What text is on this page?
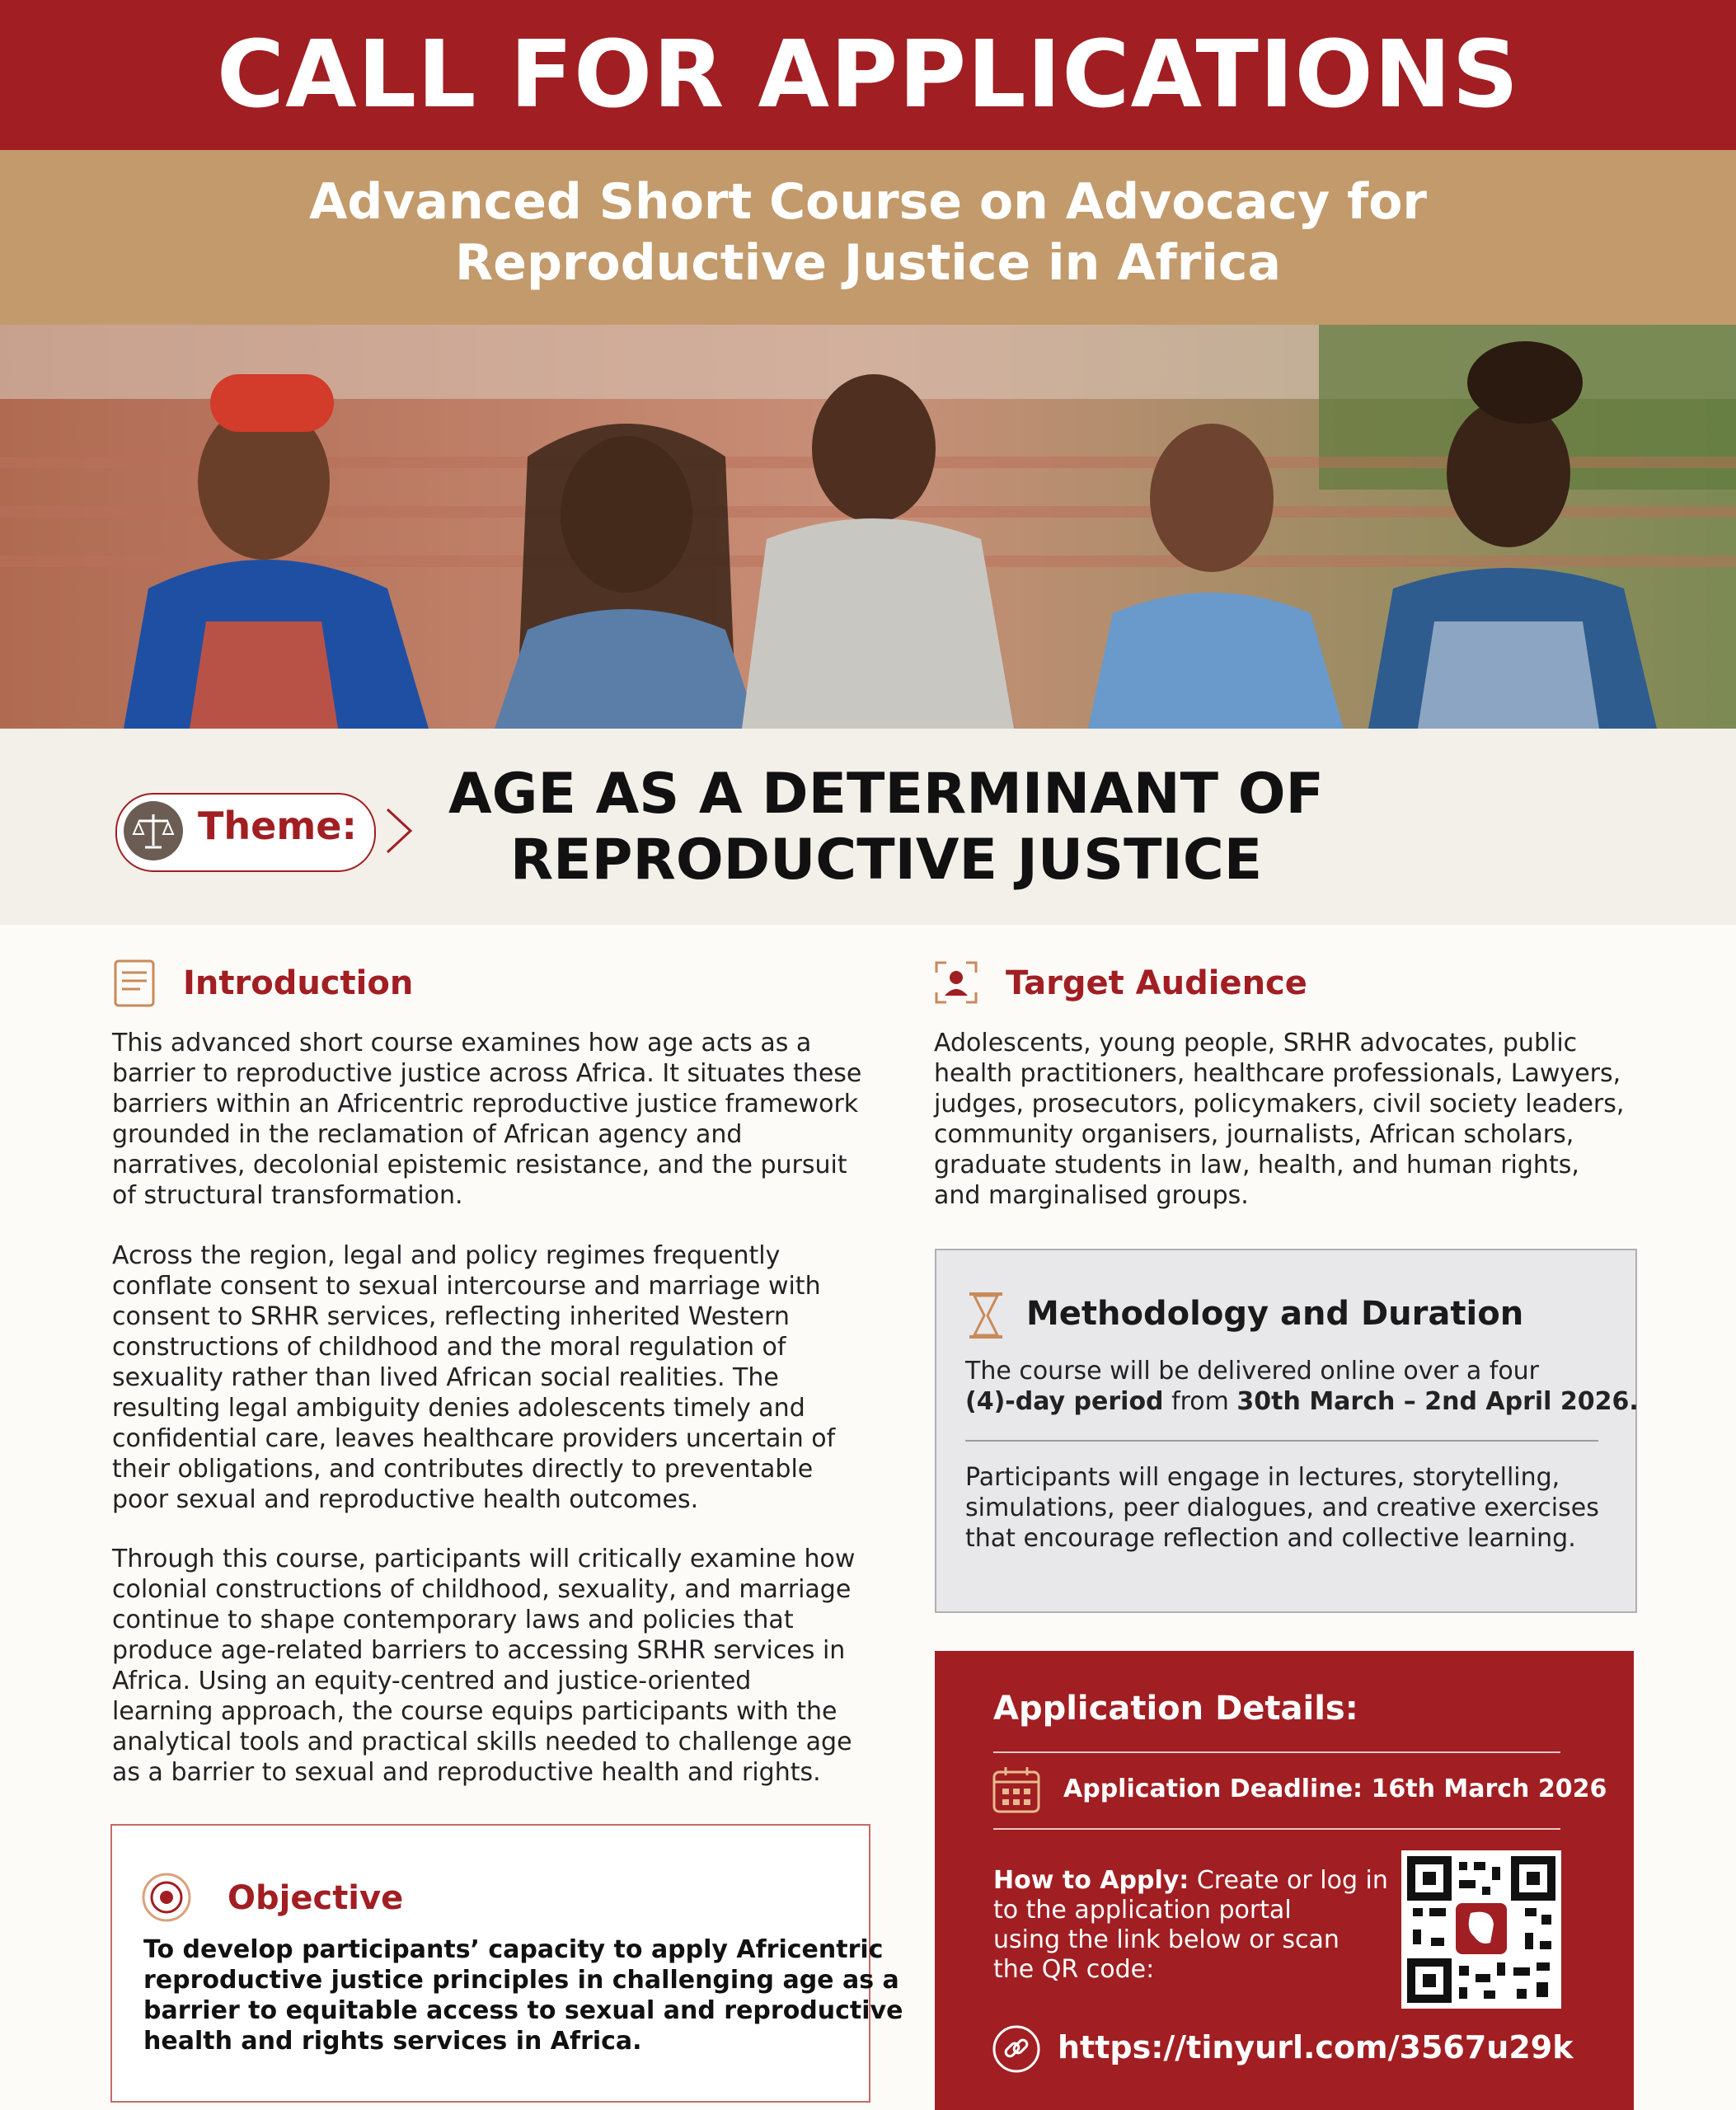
CALL FOR APPLICATIONS
Advanced Short Course on Advocacy for
Reproductive Justice in Africa
Theme:	AGE AS A DETERMINANT OF
REPRODUCTIVE JUSTICE
Introduction
This advanced short course examines how age acts as a
barrier to reproductive justice across Africa. It situates these
barriers within an Africentric reproductive justice framework
grounded in the reclamation of African agency and
narratives, decolonial epistemic resistance, and the pursuit
of structural transformation.
Across the region, legal and policy regimes frequently
conflate consent to sexual intercourse and marriage with
consent to SRHR services, reflecting inherited Western
constructions of childhood and the moral regulation of
sexuality rather than lived African social realities. The
resulting legal ambiguity denies adolescents timely and
confidential care, leaves healthcare providers uncertain of
their obligations, and contributes directly to preventable
poor sexual and reproductive health outcomes.
Through this course, participants will critically examine how
colonial constructions of childhood, sexuality, and marriage
continue to shape contemporary laws and policies that
produce age-related barriers to accessing SRHR services in
Africa. Using an equity-centred and justice-oriented
learning approach, the course equips participants with the
analytical tools and practical skills needed to challenge age
as a barrier to sexual and reproductive health and rights.
Objective
To develop participants’ capacity to apply Africentric
reproductive justice principles in challenging age as a
barrier to equitable access to sexual and reproductive
health and rights services in Africa.
Target Audience
Adolescents, young people, SRHR advocates, public
health practitioners, healthcare professionals, Lawyers,
judges, prosecutors, policymakers, civil society leaders,
community organisers, journalists, African scholars,
graduate students in law, health, and human rights,
and marginalised groups.
Methodology and Duration
The course will be delivered online over a four
(4)-day period from 30th March – 2nd April 2026.
Participants will engage in lectures, storytelling,
simulations, peer dialogues, and creative exercises
that encourage reflection and collective learning.
Application Details:
Application Deadline: 16th March 2026
How to Apply: Create or log in
to the application portal
using the link below or scan
the QR code:
https://tinyurl.com/3567u29k
